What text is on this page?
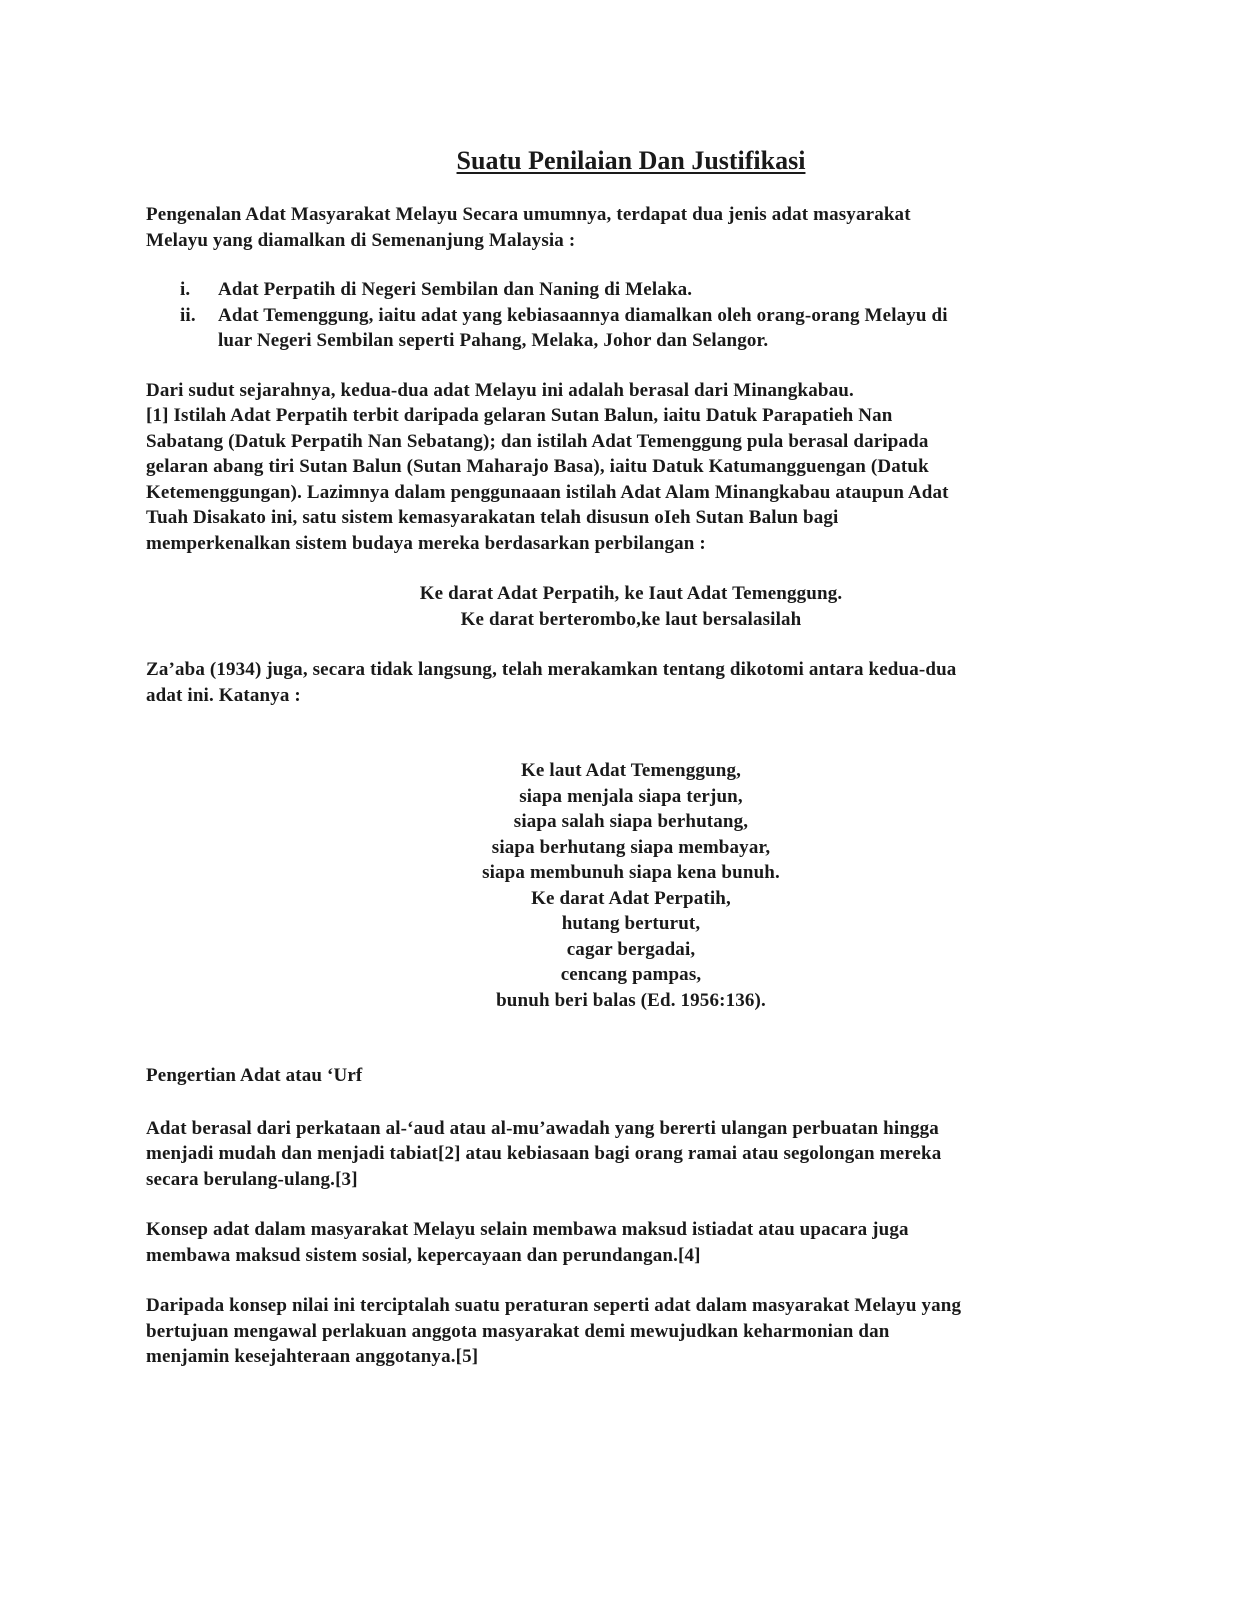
Suatu Penilaian Dan Justifikasi

Pengenalan Adat Masyarakat Melayu Secara umumnya, terdapat dua jenis adat masyarakat
Melayu yang diamalkan di Semenanjung Malaysia :

i. Adat Perpatih di Negeri Sembilan dan Naning di Melaka.
ii. Adat Temenggung, iaitu adat yang kebiasaannya diamalkan oleh orang-orang Melayu di
luar Negeri Sembilan seperti Pahang, Melaka, Johor dan Selangor.

Dari sudut sejarahnya, kedua-dua adat Melayu ini adalah berasal dari Minangkabau.
[1] Istilah Adat Perpatih terbit daripada gelaran Sutan Balun, iaitu Datuk Parapatieh Nan
Sabatang (Datuk Perpatih Nan Sebatang); dan istilah Adat Temenggung pula berasal daripada
gelaran abang tiri Sutan Balun (Sutan Maharajo Basa), iaitu Datuk Katumangguengan (Datuk
Ketemenggungan). Lazimnya dalam penggunaaan istilah Adat Alam Minangkabau ataupun Adat
Tuah Disakato ini, satu sistem kemasyarakatan telah disusun oIeh Sutan Balun bagi
memperkenalkan sistem budaya mereka berdasarkan perbilangan :

Ke darat Adat Perpatih, ke Iaut Adat Temenggung.
Ke darat berterombo,ke laut bersalasilah

Za’aba (1934) juga, secara tidak langsung, telah merakamkan tentang dikotomi antara kedua-dua
adat ini. Katanya :

Ke laut Adat Temenggung,
siapa menjala siapa terjun,
siapa salah siapa berhutang,
siapa berhutang siapa membayar,
siapa membunuh siapa kena bunuh.
Ke darat Adat Perpatih,
hutang berturut,
cagar bergadai,
cencang pampas,
bunuh beri balas (Ed. 1956:136).
Pengertian Adat atau ‘Urf

Adat berasal dari perkataan al-‘aud atau al-mu’awadah yang bererti ulangan perbuatan hingga
menjadi mudah dan menjadi tabiat[2] atau kebiasaan bagi orang ramai atau segolongan mereka
secara berulang-ulang.[3]

Konsep adat dalam masyarakat Melayu selain membawa maksud istiadat atau upacara juga
membawa maksud sistem sosial, kepercayaan dan perundangan.[4]

Daripada konsep nilai ini terciptalah suatu peraturan seperti adat dalam masyarakat Melayu yang
bertujuan mengawal perlakuan anggota masyarakat demi mewujudkan keharmonian dan
menjamin kesejahteraan anggotanya.[5]
